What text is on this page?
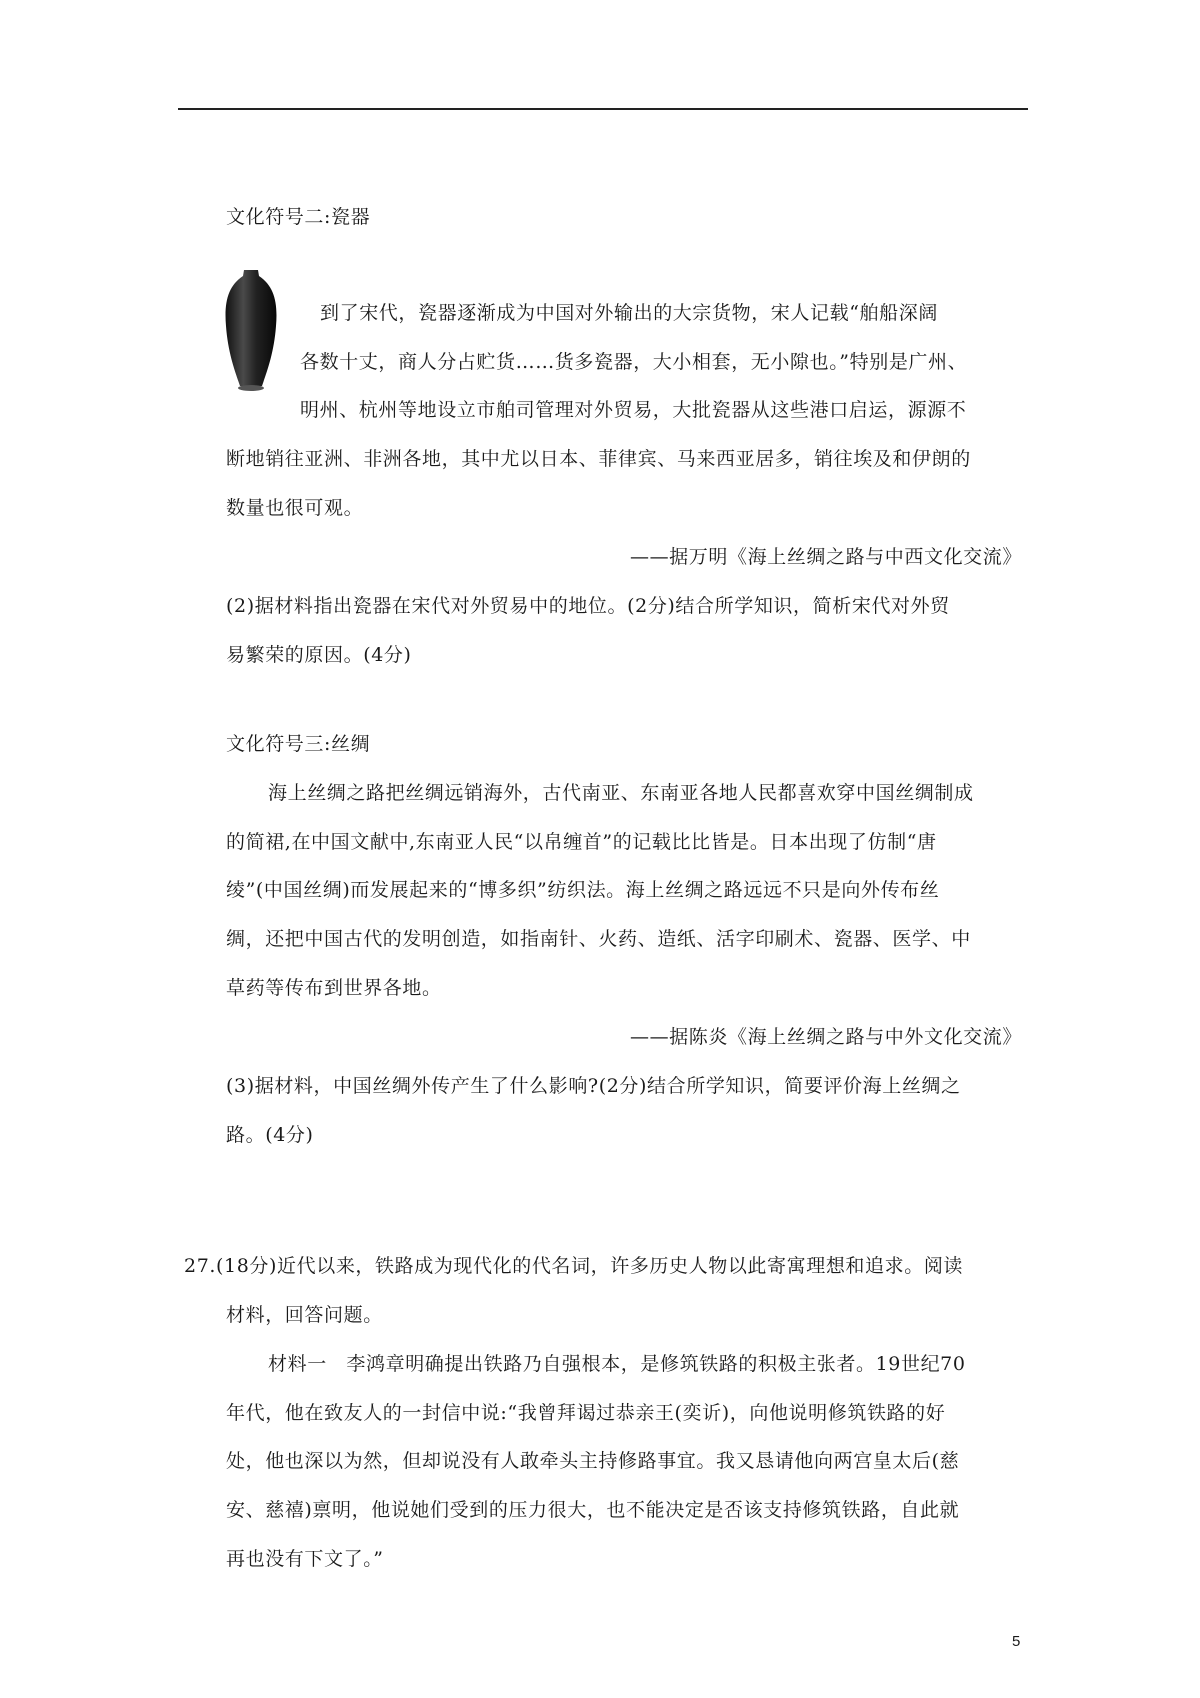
文化符号二:瓷器
到了宋代，瓷器逐渐成为中国对外输出的大宗货物，宋人记载“舶船深阔
各数十丈，商人分占贮货……货多瓷器，大小相套，无小隙也。”特别是广州、
明州、杭州等地设立市舶司管理对外贸易，大批瓷器从这些港口启运，源源不
断地销往亚洲、非洲各地，其中尤以日本、菲律宾、马来西亚居多，销往埃及和伊朗的
数量也很可观。
——据万明《海上丝绸之路与中西文化交流》
(2)据材料指出瓷器在宋代对外贸易中的地位。(2分)结合所学知识，简析宋代对外贸
易繁荣的原因。(4分)
文化符号三:丝绸
海上丝绸之路把丝绸远销海外，古代南亚、东南亚各地人民都喜欢穿中国丝绸制成
的简裙,在中国文献中,东南亚人民“以帛缠首”的记载比比皆是。日本出现了仿制“唐
绫”(中国丝绸)而发展起来的“博多织”纺织法。海上丝绸之路远远不只是向外传布丝
绸，还把中国古代的发明创造，如指南针、火药、造纸、活字印刷术、瓷器、医学、中
草药等传布到世界各地。
——据陈炎《海上丝绸之路与中外文化交流》
(3)据材料，中国丝绸外传产生了什么影响?(2分)结合所学知识，简要评价海上丝绸之
路。(4分)
27.(18分)近代以来，铁路成为现代化的代名词，许多历史人物以此寄寓理想和追求。阅读
材料，回答问题。
材料一　李鸿章明确提出铁路乃自强根本，是修筑铁路的积极主张者。19世纪70
年代，他在致友人的一封信中说:“我曾拜谒过恭亲王(奕䜣)，向他说明修筑铁路的好
处，他也深以为然，但却说没有人敢牵头主持修路事宜。我又恳请他向两宫皇太后(慈
安、慈禧)禀明，他说她们受到的压力很大，也不能决定是否该支持修筑铁路，自此就
再也没有下文了。”
5
